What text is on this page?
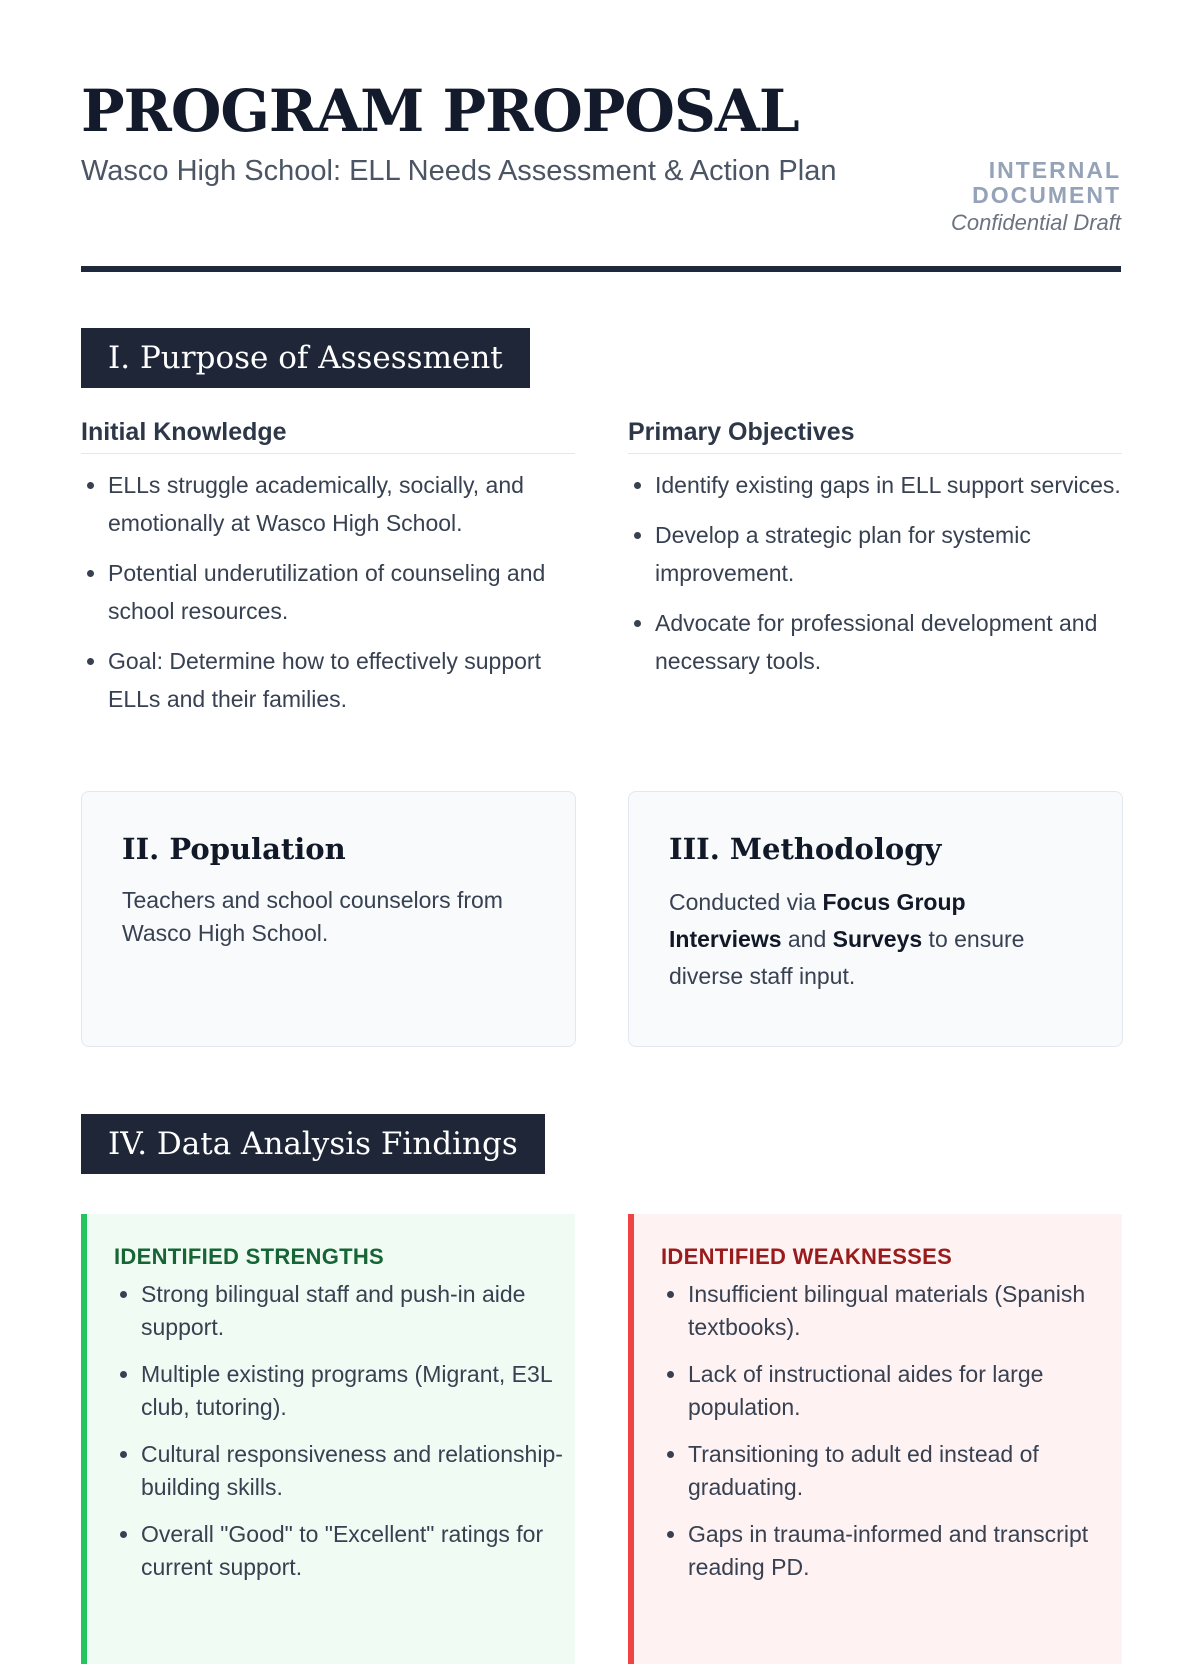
PROGRAM PROPOSAL

Wasco High School: ELL Needs Assessment & Action Plan	INTERNAL DOCUMENT
Confidential Draft
I. Purpose of Assessment
Initial Knowledge
• ELLs struggle academically, socially, and emotionally at Wasco High School.
• Potential underutilization of counseling and school resources.
• Goal: Determine how to effectively support ELLs and their families.
Primary Objectives
• Identify existing gaps in ELL support services.
• Develop a strategic plan for systemic improvement.
• Advocate for professional development and necessary tools.
II. Population

Teachers and school counselors from Wasco High School.

III. Methodology

Conducted via Focus Group Interviews and Surveys to ensure diverse staff input.

IV. Data Analysis Findings
IDENTIFIED STRENGTHS
• Strong bilingual staff and push-in aide support.
• Multiple existing programs (Migrant, E3L club, tutoring).
• Cultural responsiveness and relationship-building skills.
• Overall "Good" to "Excellent" ratings for current support.
IDENTIFIED WEAKNESSES
• Insufficient bilingual materials (Spanish textbooks).
• Lack of instructional aides for large population.
• Transitioning to adult ed instead of graduating.
• Gaps in trauma-informed and transcript reading PD.
